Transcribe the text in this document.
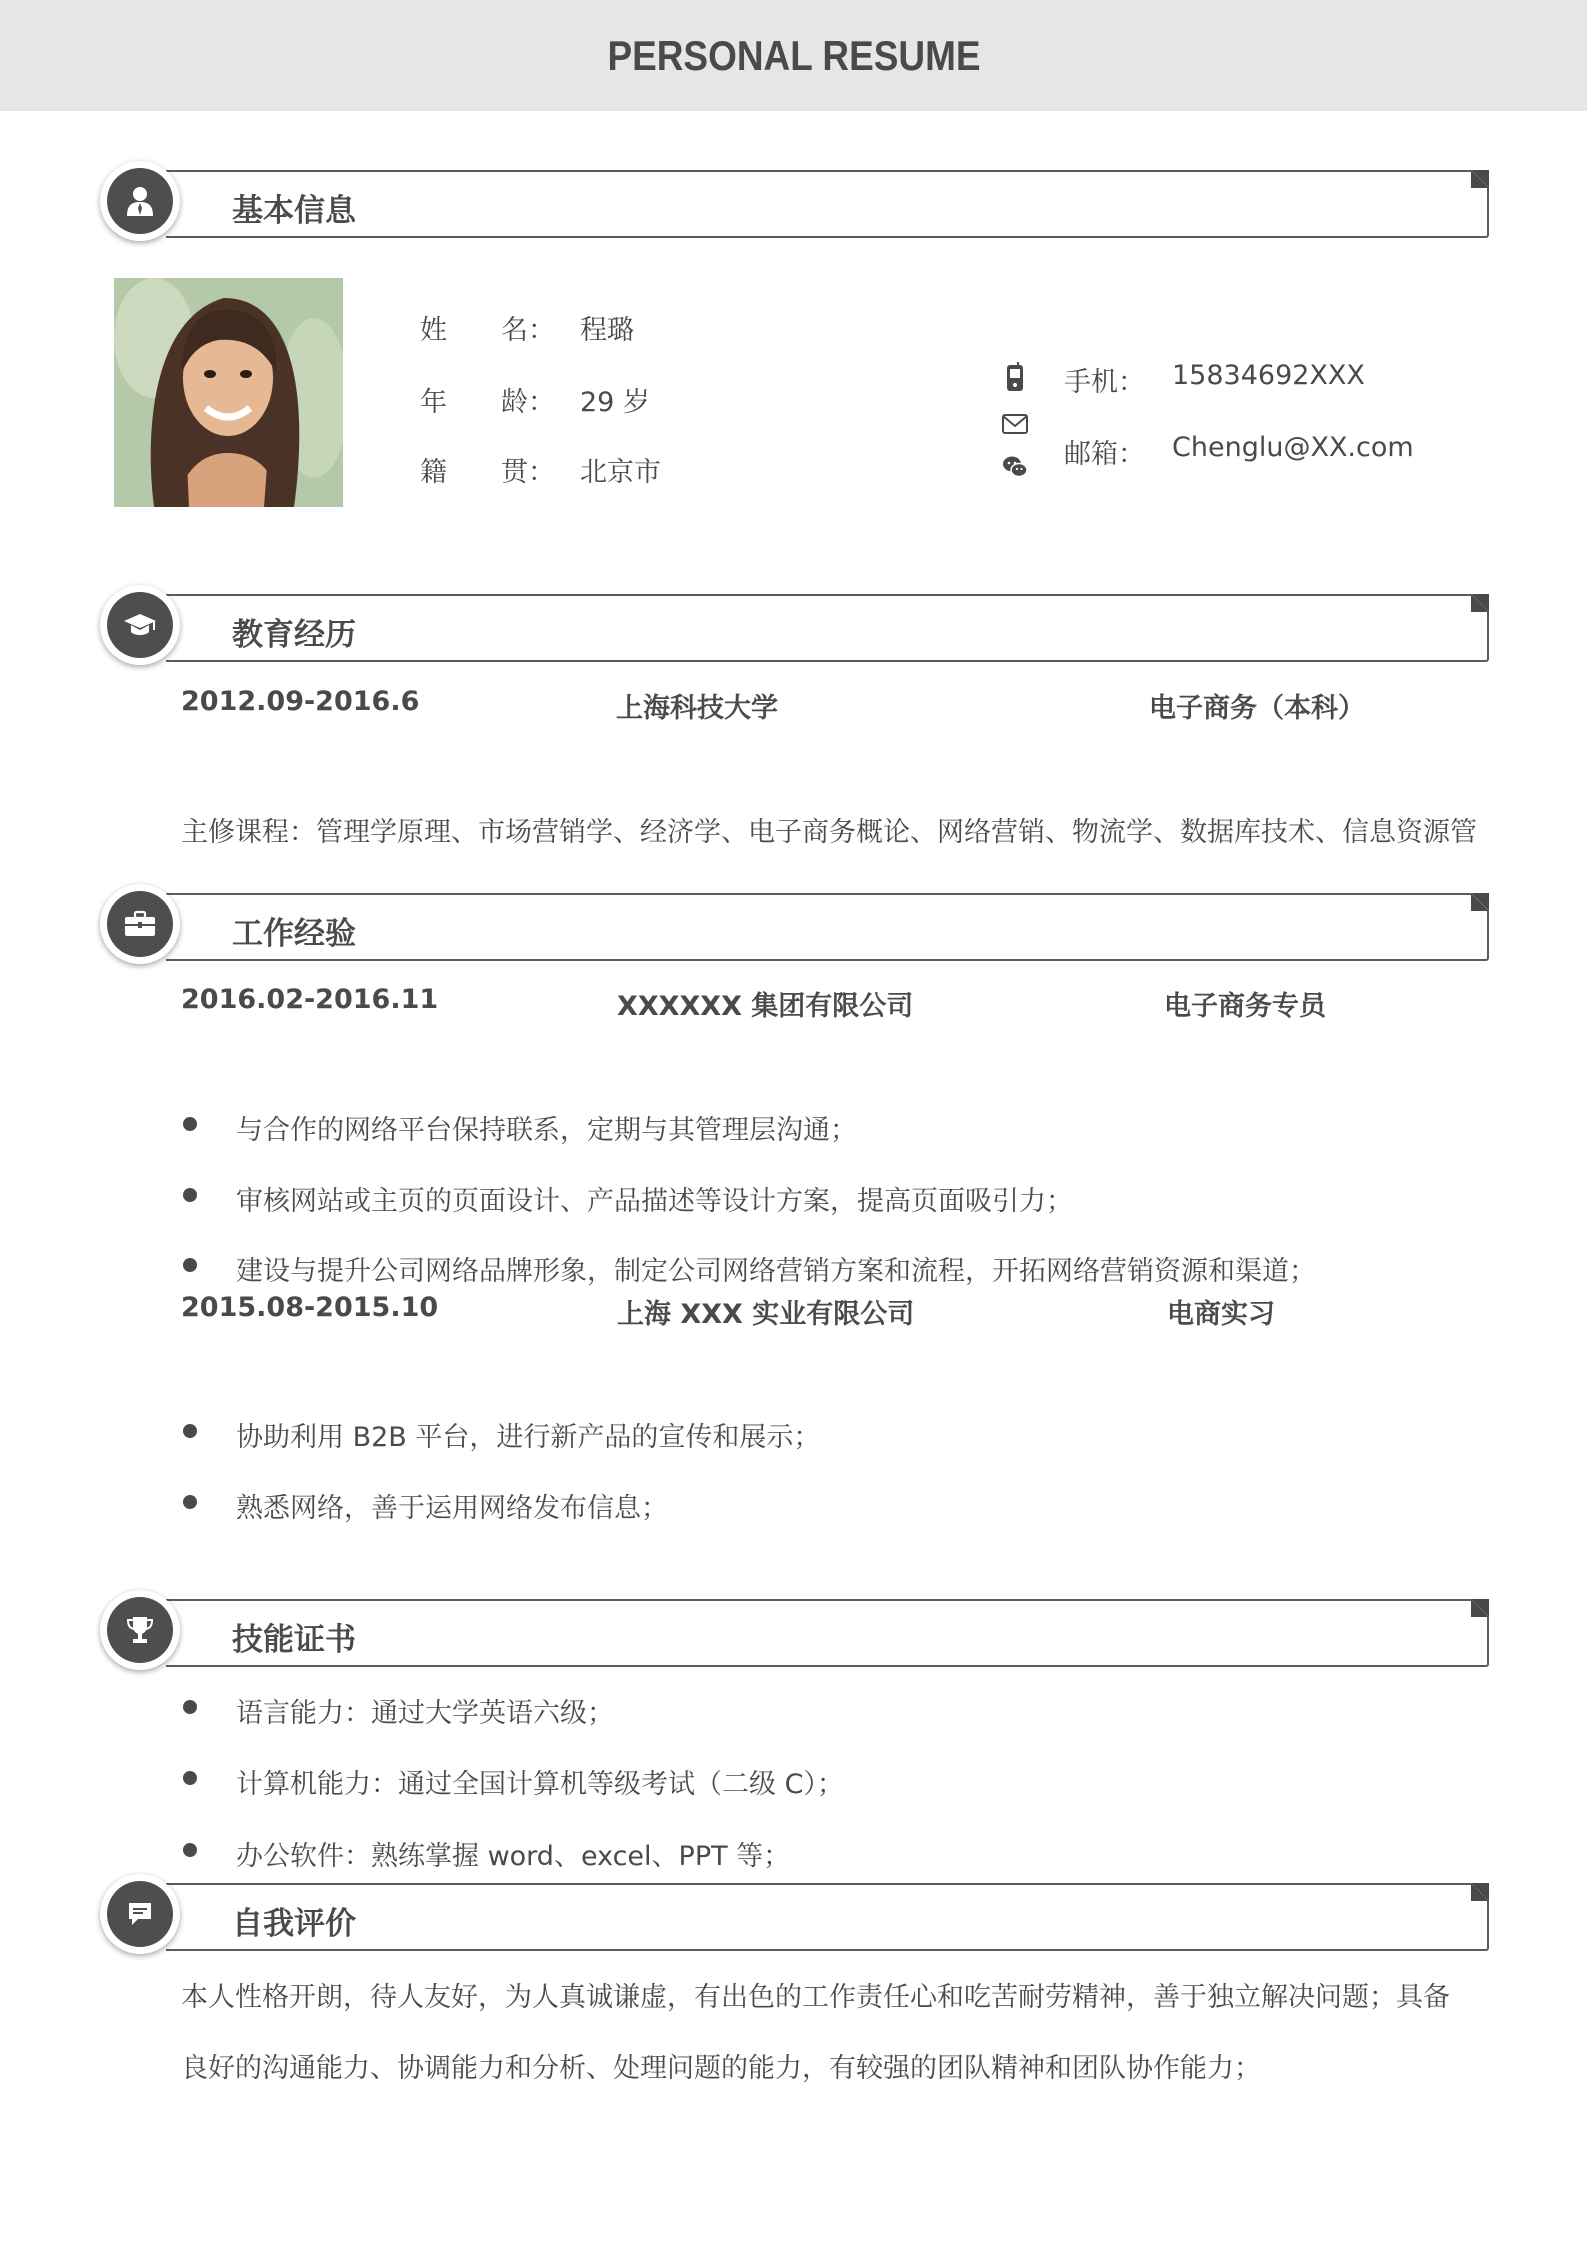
PERSONAL RESUME
基本信息
姓　　名： 程璐
年　　龄： 29 岁
籍　　贯： 北京市
手机： 15834692XXX
邮箱： Chenglu@XX.com
教育经历
2012.09-2016.6	上海科技大学	电子商务（本科）
主修课程：管理学原理、市场营销学、经济学、电子商务概论、网络营销、物流学、数据库技术、信息资源管
工作经验
2016.02-2016.11	XXXXXX 集团有限公司	电子商务专员
与合作的网络平台保持联系，定期与其管理层沟通；
审核网站或主页的页面设计、产品描述等设计方案，提高页面吸引力；
建设与提升公司网络品牌形象，制定公司网络营销方案和流程，开拓网络营销资源和渠道；
2015.08-2015.10	上海 XXX 实业有限公司	电商实习
协助利用 B2B 平台，进行新产品的宣传和展示；
熟悉网络，善于运用网络发布信息；
技能证书
语言能力：通过大学英语六级；
计算机能力：通过全国计算机等级考试（二级 C）；
办公软件：熟练掌握 word、excel、PPT 等；
自我评价
本人性格开朗，待人友好，为人真诚谦虚，有出色的工作责任心和吃苦耐劳精神，善于独立解决问题；具备
良好的沟通能力、协调能力和分析、处理问题的能力，有较强的团队精神和团队协作能力；
